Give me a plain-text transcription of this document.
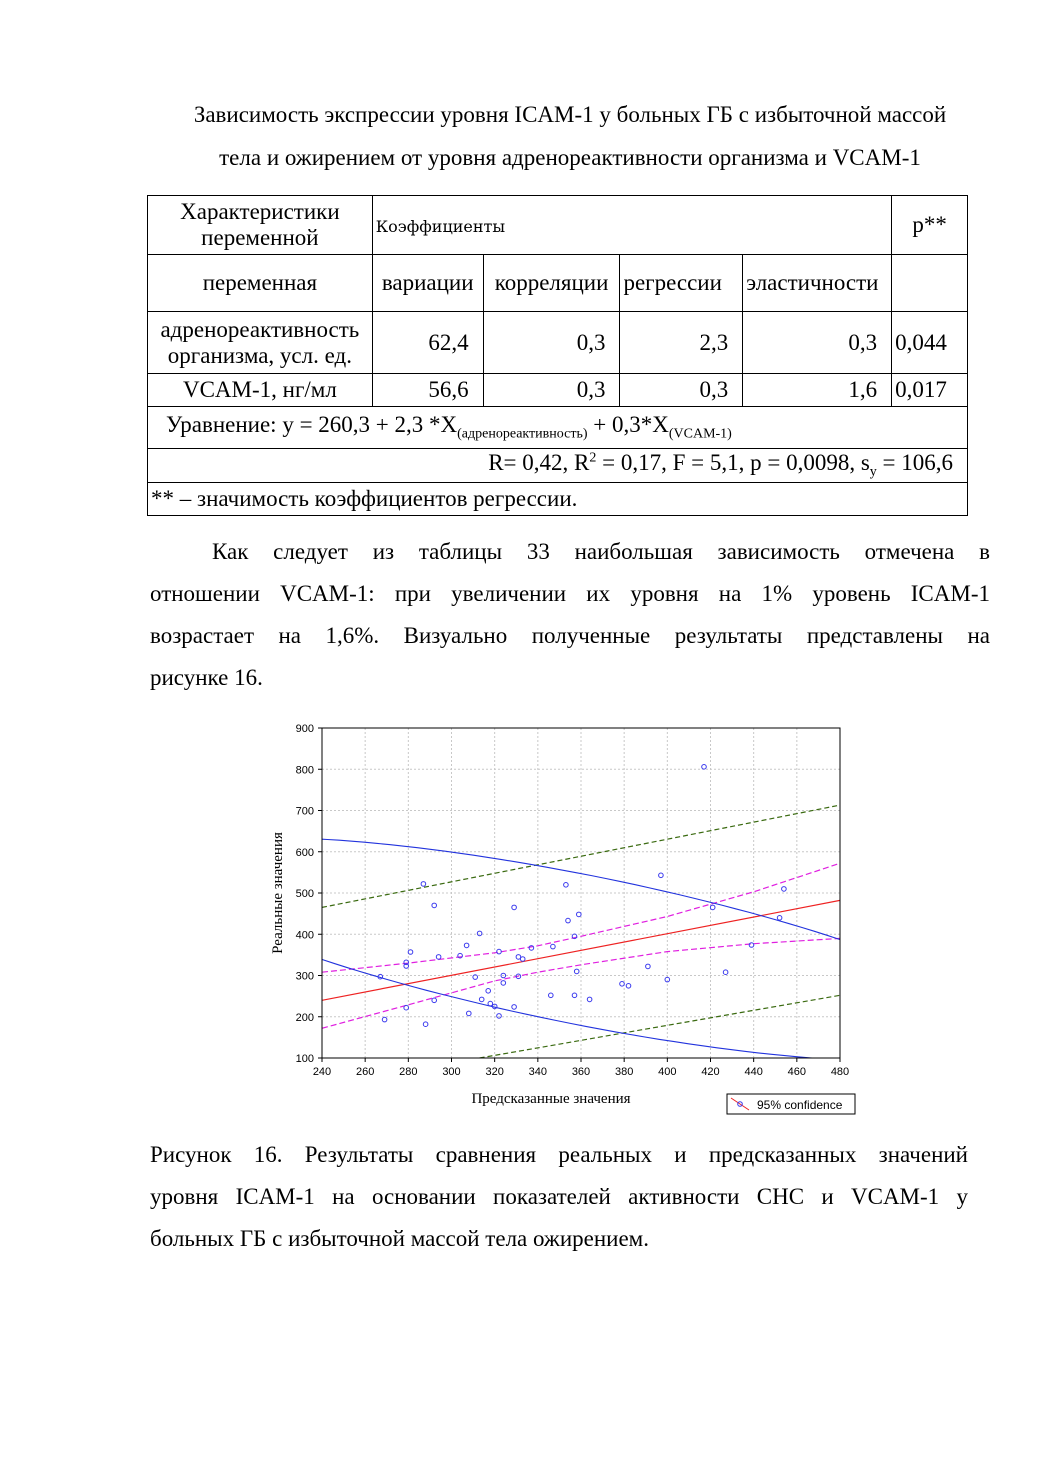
Зависимость экспрессии уровня ICAM-1 у больных ГБ с избыточной массой
тела и ожирением от уровня адренореактивности организма и VCAM-1
Характеристики переменной	Коэффициенты				p**
переменная	вариации	корреляции	регрессии	эластичности	
адренореактивность организма, усл. ед.	62,4	0,3	2,3	0,3	0,044
VCAM-1, нг/мл	56,6	0,3	0,3	1,6	0,017
Уравнение: y = 260,3 + 2,3 $*X_{(адренореактивность)} + 0,3*X_{(VCAM-1)}$
R= 0,42, $R^2 = 0,17$, F = 5,1, p = 0,0098, $s_y = 106,6$					
** – значимость коэффициентов регрессии.					
Как следует из таблицы 33 наибольшая зависимость отмечена в
отношении VCAM-1: при увеличении их уровня на 1% уровень ICAM-1
возрастает на 1,6%. Визуально полученные результаты представлены на
рисунке 16.
240 260 280 300 320 340 360 380 400 420 440 460 480
100
200
300
400
500
600
700
800
900
Предсказанные значения
Реальные значения
95% confidence
Рисунок 16. Результаты сравнения реальных и предсказанных значений
уровня ICAM-1 на основании показателей активности СНС и VCAM-1 у
больных ГБ с избыточной массой тела ожирением.
